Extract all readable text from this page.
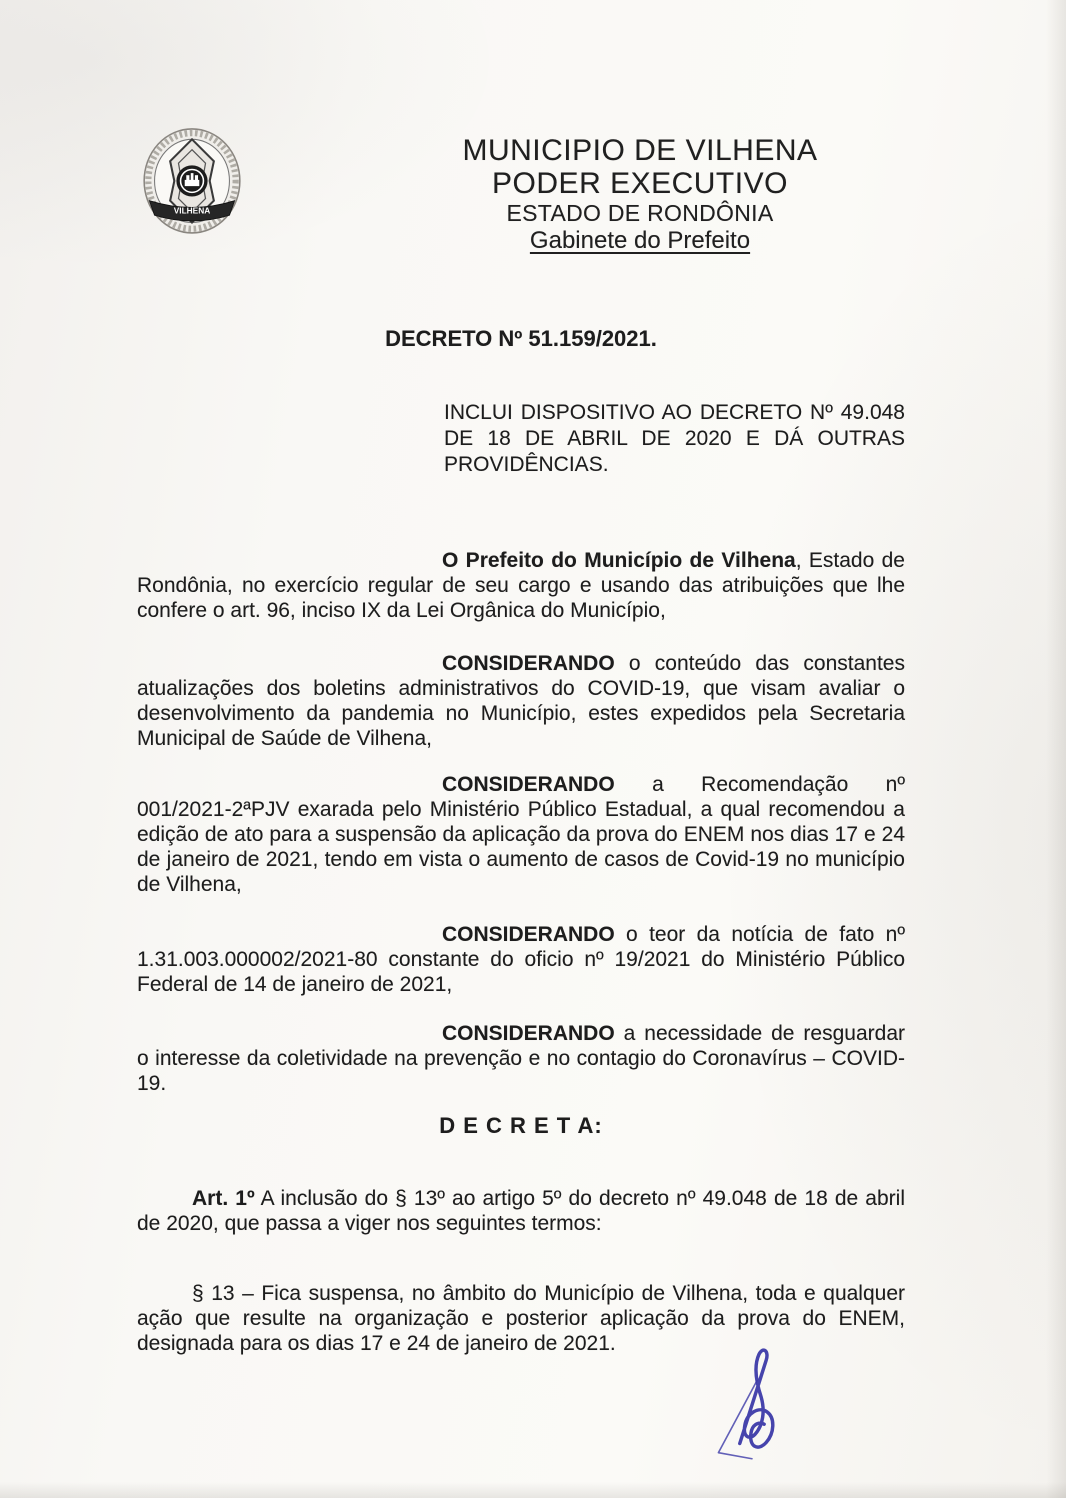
VILHENA
MUNICIPIO DE VILHENA
PODER EXECUTIVO
ESTADO DE RONDÔNIA
Gabinete do Prefeito

DECRETO Nº 51.159/2021.

INCLUI DISPOSITIVO AO DECRETO Nº 49.048 DE 18 DE ABRIL DE 2020 E DÁ OUTRAS PROVIDÊNCIAS.

O Prefeito do Município de Vilhena, Estado de Rondônia, no exercício regular de seu cargo e usando das atribuições que lhe confere o art. 96, inciso IX da Lei Orgânica do Município,

CONSIDERANDO o conteúdo das constantes atualizações dos boletins administrativos do COVID-19, que visam avaliar o desenvolvimento da pandemia no Município, estes expedidos pela Secretaria Municipal de Saúde de Vilhena,

CONSIDERANDO a Recomendação nº 001/2021-2ªPJV exarada pelo Ministério Público Estadual, a qual recomendou a edição de ato para a suspensão da aplicação da prova do ENEM nos dias 17 e 24 de janeiro de 2021, tendo em vista o aumento de casos de Covid-19 no município de Vilhena,

CONSIDERANDO o teor da notícia de fato nº 1.31.003.000002/2021-80 constante do oficio nº 19/2021 do Ministério Público Federal de 14 de janeiro de 2021,

CONSIDERANDO a necessidade de resguardar o interesse da coletividade na prevenção e no contagio do Coronavírus – COVID-19.

D E C R E T A:

Art. 1º A inclusão do § 13º ao artigo 5º do decreto nº 49.048 de 18 de abril de 2020, que passa a viger nos seguintes termos:

§ 13 – Fica suspensa, no âmbito do Município de Vilhena, toda e qualquer ação que resulte na organização e posterior aplicação da prova do ENEM, designada para os dias 17 e 24 de janeiro de 2021.
